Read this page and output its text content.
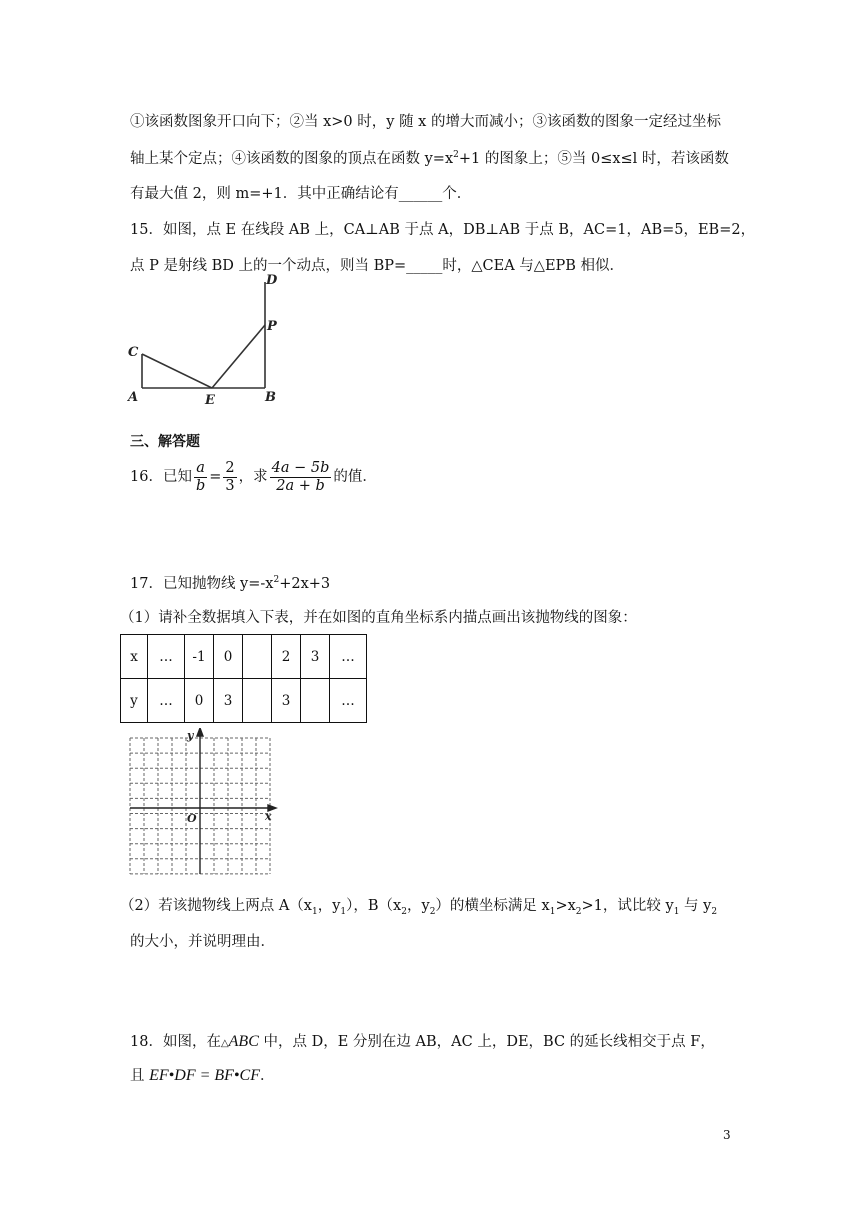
①该函数图象开口向下；②当 x>0 时，y 随 x 的增大而减小；③该函数的图象一定经过坐标
轴上某个定点；④该函数的图象的顶点在函数 $y=x^2+1$ 的图象上；⑤当 0≤x≤l 时，若该函数
有最大值 2，则 m=+1．其中正确结论有______个．
15．如图，点 E 在线段 AB 上，CA⊥AB 于点 A，DB⊥AB 于点 B，AC=1，AB=5，EB=2，
点 P 是射线 BD 上的一个动点，则当 BP=_____时，△CEA 与△EPB 相似．
D
P
C
A	E	B
三、解答题
16．已知 $\frac{a}{b} = \frac{2}{3}$ ，求 $\frac{4a - 5b}{2a + b}$ 的值．
17．已知抛物线 $y=-x^2+2x+3$
（1）请补全数据填入下表，并在如图的直角坐标系内描点画出该抛物线的图象：
x	…	-1	0		2	3	…
y	…	0	3		3		…
x
y
O
（2）若该抛物线上两点 $A(x_1$，$y_1$），$B(x_2$，$y_2$）的横坐标满足 $x_1>x_2>1$，试比较 $y_1$ 与 $y_2$
的大小，并说明理由．
18．如图，在△ABC 中，点 D，E 分别在边 AB，AC 上，DE，BC 的延长线相交于点 F，
且 EF•DF = BF•CF．
3
